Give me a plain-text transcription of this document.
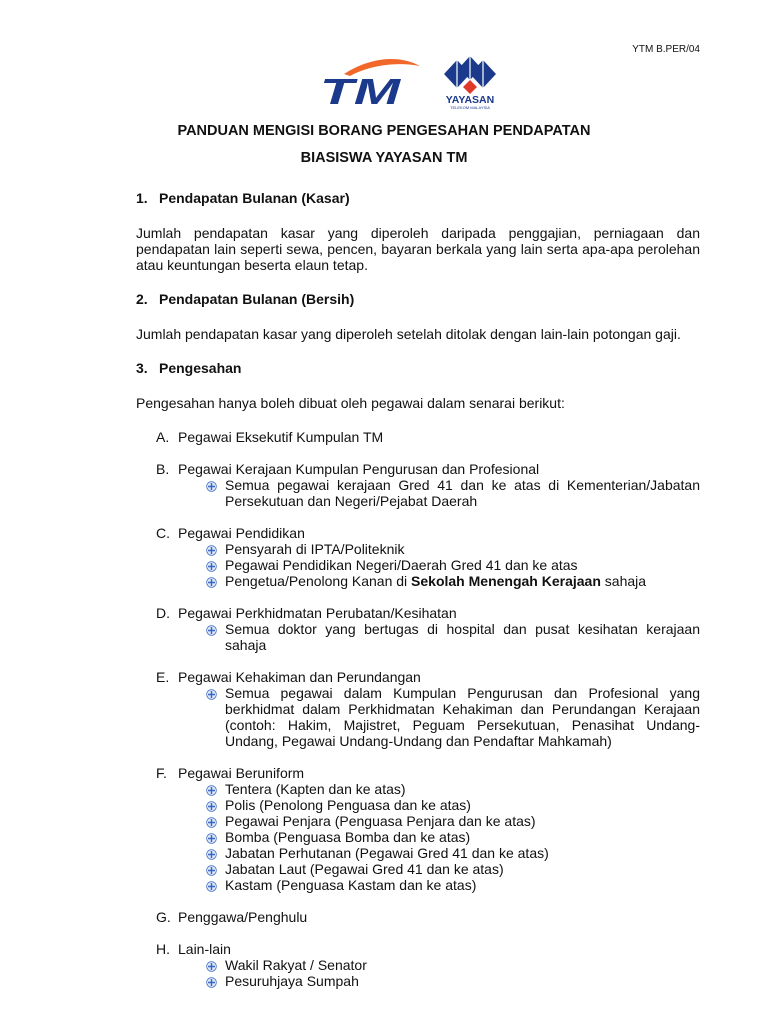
YTM B.PER/04
TM	YAYASAN
TELEKOM MALAYSIA
PANDUAN MENGISI BORANG PENGESAHAN PENDAPATAN
BIASISWA YAYASAN TM
1. Pendapatan Bulanan (Kasar)
Jumlah pendapatan kasar yang diperoleh daripada penggajian, perniagaan dan pendapatan lain seperti sewa, pencen, bayaran berkala yang lain serta apa-apa perolehan atau keuntungan beserta elaun tetap.
2. Pendapatan Bulanan (Bersih)
Jumlah pendapatan kasar yang diperoleh setelah ditolak dengan lain-lain potongan gaji.
3. Pengesahan
Pengesahan hanya boleh dibuat oleh pegawai dalam senarai berikut:
A. Pegawai Eksekutif Kumpulan TM
B. Pegawai Kerajaan Kumpulan Pengurusan dan Profesional
Semua pegawai kerajaan Gred 41 dan ke atas di Kementerian/Jabatan Persekutuan dan Negeri/Pejabat Daerah
C. Pegawai Pendidikan
Pensyarah di IPTA/Politeknik
Pegawai Pendidikan Negeri/Daerah Gred 41 dan ke atas
Pengetua/Penolong Kanan di Sekolah Menengah Kerajaan sahaja
D. Pegawai Perkhidmatan Perubatan/Kesihatan
Semua doktor yang bertugas di hospital dan pusat kesihatan kerajaan sahaja
E. Pegawai Kehakiman dan Perundangan
Semua pegawai dalam Kumpulan Pengurusan dan Profesional yang berkhidmat dalam Perkhidmatan Kehakiman dan Perundangan Kerajaan (contoh: Hakim, Majistret, Peguam Persekutuan, Penasihat Undang-Undang, Pegawai Undang-Undang dan Pendaftar Mahkamah)
F. Pegawai Beruniform
Tentera (Kapten dan ke atas)
Polis (Penolong Penguasa dan ke atas)
Pegawai Penjara (Penguasa Penjara dan ke atas)
Bomba (Penguasa Bomba dan ke atas)
Jabatan Perhutanan (Pegawai Gred 41 dan ke atas)
Jabatan Laut (Pegawai Gred 41 dan ke atas)
Kastam (Penguasa Kastam dan ke atas)
G. Penggawa/Penghulu
H. Lain-lain
Wakil Rakyat / Senator
Pesuruhjaya Sumpah
